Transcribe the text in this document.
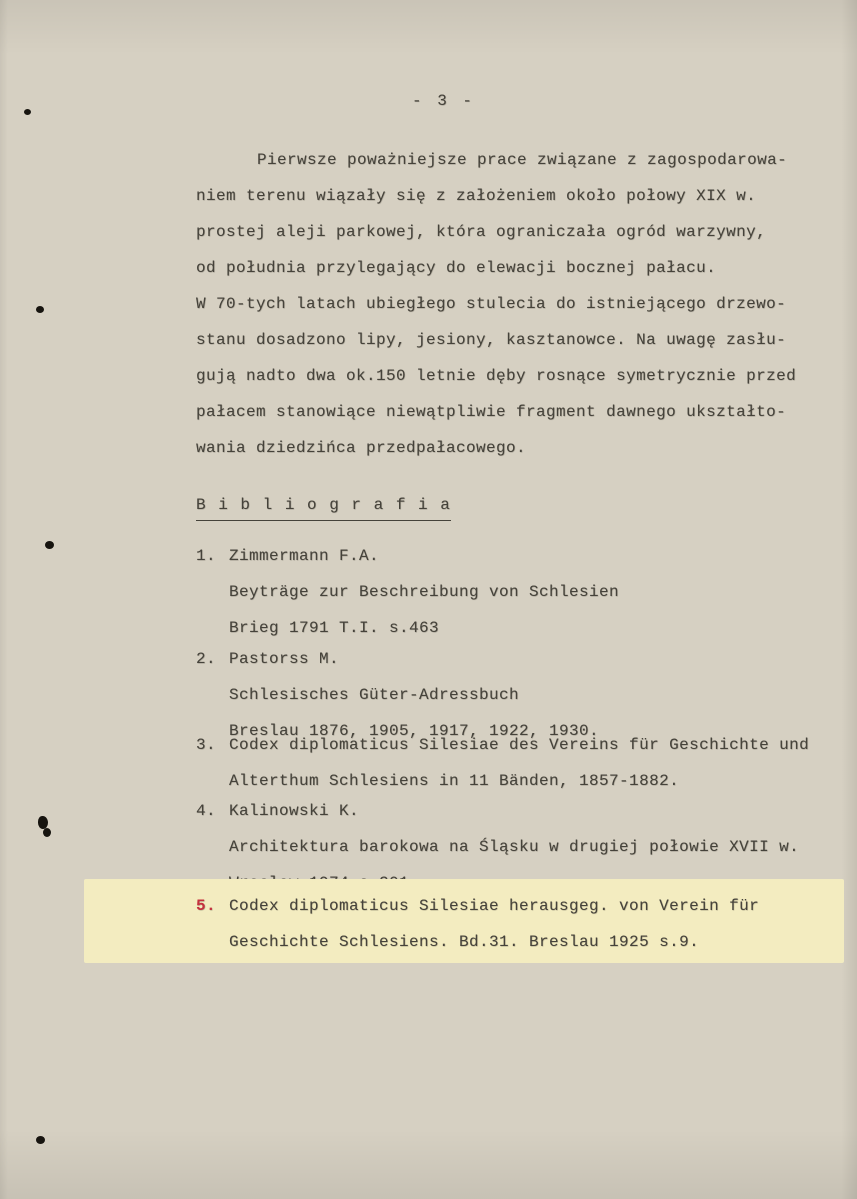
- 3 -
Pierwsze poważniejsze prace związane z zagospodarowa-
niem terenu wiązały się z założeniem około połowy XIX w.
prostej aleji parkowej, która ograniczała ogród warzywny,
od południa przylegający do elewacji bocznej pałacu.
W 70-tych latach ubiegłego stulecia do istniejącego drzewo-
stanu dosadzono lipy, jesiony, kasztanowce. Na uwagę zasłu-
gują nadto dwa ok.150 letnie dęby rosnące symetrycznie przed
pałacem stanowiące niewątpliwie fragment dawnego ukształto-
wania dziedzińca przedpałacowego.
B i b l i o g r a f i a
1. Zimmermann F.A.
Beyträge zur Beschreibung von Schlesien
Brieg 1791 T.I. s.463
2. Pastorss M.
Schlesisches Güter-Adressbuch
Breslau 1876, 1905, 1917, 1922, 1930.
3. Codex diplomaticus Silesiae des Vereins für Geschichte und
Alterthum Schlesiens in 11 Bänden, 1857-1882.
4. Kalinowski K.
Architektura barokowa na Śląsku w drugiej połowie XVII w.
Wrocław 1974 s.201.
5. Codex diplomaticus Silesiae herausgeg. von Verein für
Geschichte Schlesiens. Bd.31. Breslau 1925 s.9.
